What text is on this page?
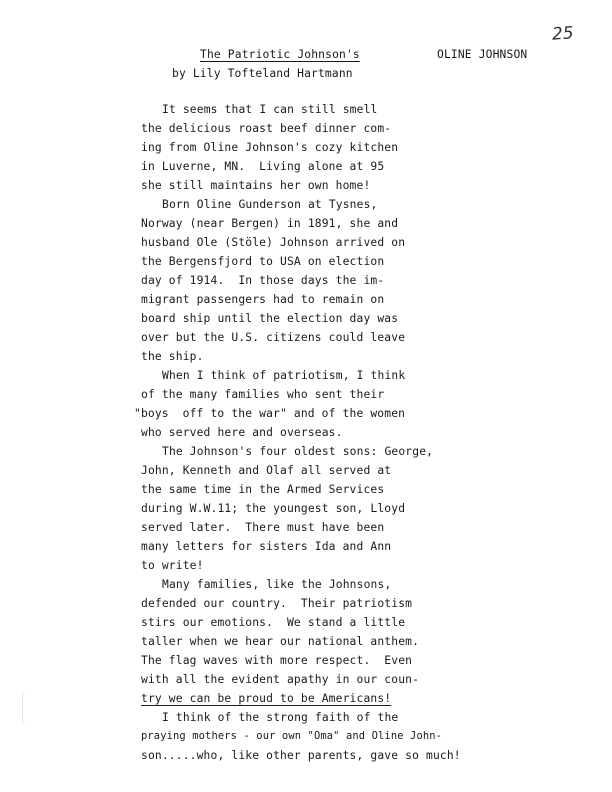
25
The Patriotic Johnson's	OLINE JOHNSON
by Lily Tofteland Hartmann
It seems that I can still smell
the delicious roast beef dinner com-
ing from Oline Johnson's cozy kitchen
in Luverne, MN.  Living alone at 95
she still maintains her own home!
Born Oline Gunderson at Tysnes,
Norway (near Bergen) in 1891, she and
husband Ole (Stöle) Johnson arrived on
the Bergensfjord to USA on election
day of 1914.  In those days the im-
migrant passengers had to remain on
board ship until the election day was
over but the U.S. citizens could leave
the ship.
When I think of patriotism, I think
of the many families who sent their
"boys  off to the war" and of the women
who served here and overseas.
The Johnson's four oldest sons: George,
John, Kenneth and Olaf all served at
the same time in the Armed Services
during W.W.11; the youngest son, Lloyd
served later.  There must have been
many letters for sisters Ida and Ann
to write!
Many families, like the Johnsons,
defended our country.  Their patriotism
stirs our emotions.  We stand a little
taller when we hear our national anthem.
The flag waves with more respect.  Even
with all the evident apathy in our coun-
try we can be proud to be Americans!
I think of the strong faith of the
praying mothers - our own "Oma" and Oline John-
son.....who, like other parents, gave so much!
